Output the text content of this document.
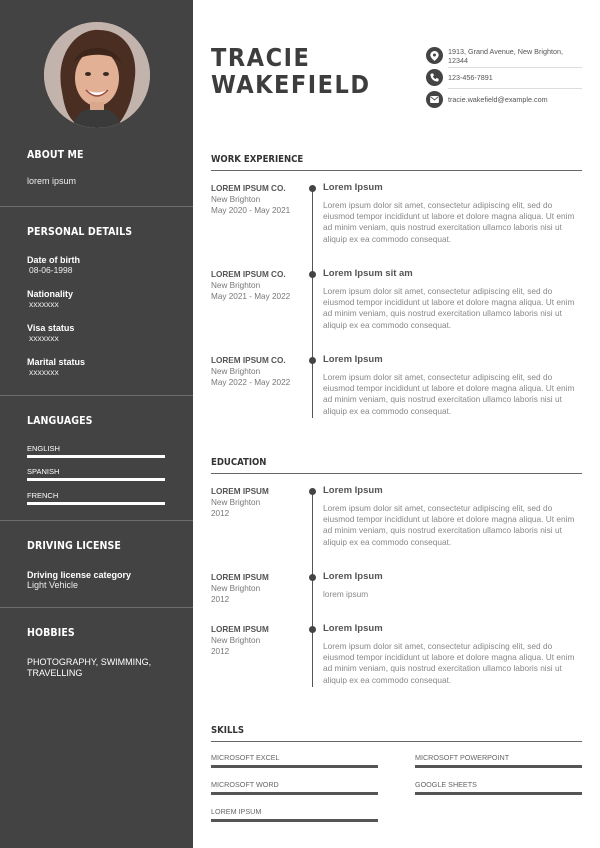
ABOUT ME
lorem ipsum
PERSONAL DETAILS
Date of birth
08-06-1998
Nationality
xxxxxxx
Visa status
xxxxxxx
Marital status
xxxxxxx
LANGUAGES
ENGLISH
SPANISH
FRENCH
DRIVING LICENSE
Driving license category
Light Vehicle
HOBBIES
PHOTOGRAPHY, SWIMMING, TRAVELLING
TRACIE
WAKEFIELD
1913, Grand Avenue, New Brighton, 12344
123-456-7891
tracie.wakefield@example.com
WORK EXPERIENCE
LOREM IPSUM CO.
New Brighton
May 2020 - May 2021
Lorem Ipsum
Lorem ipsum dolor sit amet, consectetur adipiscing elit, sed do eiusmod tempor incididunt ut labore et dolore magna aliqua. Ut enim ad minim veniam, quis nostrud exercitation ullamco laboris nisi ut aliquip ex ea commodo consequat.
LOREM IPSUM CO.
New Brighton
May 2021 - May 2022
Lorem Ipsum sit am
Lorem ipsum dolor sit amet, consectetur adipiscing elit, sed do eiusmod tempor incididunt ut labore et dolore magna aliqua. Ut enim ad minim veniam, quis nostrud exercitation ullamco laboris nisi ut aliquip ex ea commodo consequat.
LOREM IPSUM CO.
New Brighton
May 2022 - May 2022
Lorem Ipsum
Lorem ipsum dolor sit amet, consectetur adipiscing elit, sed do eiusmod tempor incididunt ut labore et dolore magna aliqua. Ut enim ad minim veniam, quis nostrud exercitation ullamco laboris nisi ut aliquip ex ea commodo consequat.
EDUCATION
LOREM IPSUM
New Brighton
2012
Lorem Ipsum
Lorem ipsum dolor sit amet, consectetur adipiscing elit, sed do eiusmod tempor incididunt ut labore et dolore magna aliqua. Ut enim ad minim veniam, quis nostrud exercitation ullamco laboris nisi ut aliquip ex ea commodo consequat.
LOREM IPSUM
New Brighton
2012
Lorem Ipsum
lorem ipsum
LOREM IPSUM
New Brighton
2012
Lorem Ipsum
Lorem ipsum dolor sit amet, consectetur adipiscing elit, sed do eiusmod tempor incididunt ut labore et dolore magna aliqua. Ut enim ad minim veniam, quis nostrud exercitation ullamco laboris nisi ut aliquip ex ea commodo consequat.
SKILLS
MICROSOFT EXCEL	MICROSOFT POWERPOINT
MICROSOFT WORD	GOOGLE SHEETS
LOREM IPSUM
